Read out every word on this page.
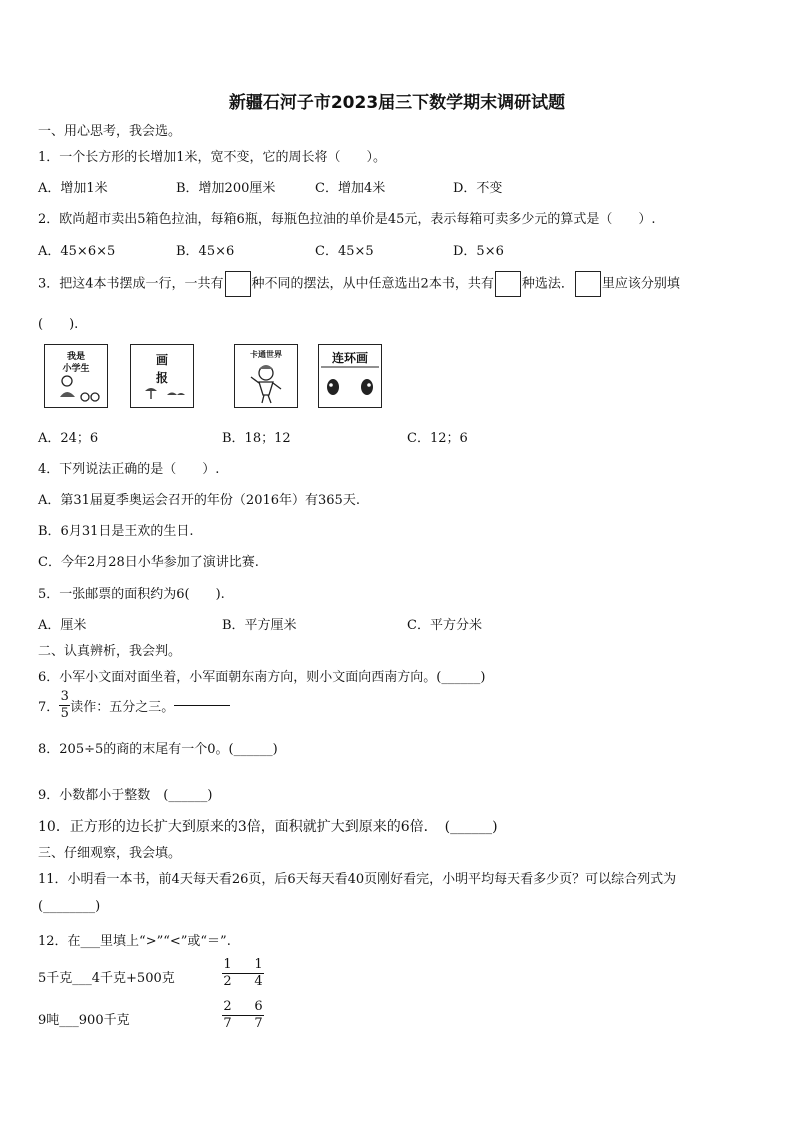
新疆石河子市2023届三下数学期末调研试题
一、用心思考，我会选。
1．一个长方形的长增加1米，宽不变，它的周长将（　　）。
A．增加1米	B．增加200厘米	C．增加4米	D．不变
2．欧尚超市卖出5箱色拉油，每箱6瓶，每瓶色拉油的单价是45元，表示每箱可卖多少元的算式是（　　）.
A．45×6×5	B．45×6	C．45×5	D．5×6
3．把这4本书摆成一行，一共有 种不同的摆法，从中任意选出2本书，共有 种选法． 里应该分别填
(　　).
我是
小学生
画
报
卡通世界	连环画
A．24；6	B．18；12	C．12；6
4．下列说法正确的是（　　）.
A．第31届夏季奥运会召开的年份（2016年）有365天.
B．6月31日是王欢的生日.
C．今年2月28日小华参加了演讲比赛.
5．一张邮票的面积约为6(　　).
A．厘米	B．平方厘米	C．平方分米
二、认真辨析，我会判。
6．小军小文面对面坐着，小军面朝东南方向，则小文面向西南方向。(______)
7． $\frac{3}{5}$ 读作：五分之三。
8．205÷5的商的末尾有一个0。(______)
9．小数都小于整数　(______)
10．正方形的边长扩大到原来的3倍，面积就扩大到原来的6倍．　(______)
三、仔细观察，我会填。
11．小明看一本书，前4天每天看26页，后6天每天看40页刚好看完，小明平均每天看多少页？可以综合列式为
(________)
12．在___里填上“>”“<”或“＝”.
5千克___4千克+500克	$\frac{1}{2} \frac{1}{4}$
9吨___900千克	$\frac{2}{7} \frac{6}{7}$
